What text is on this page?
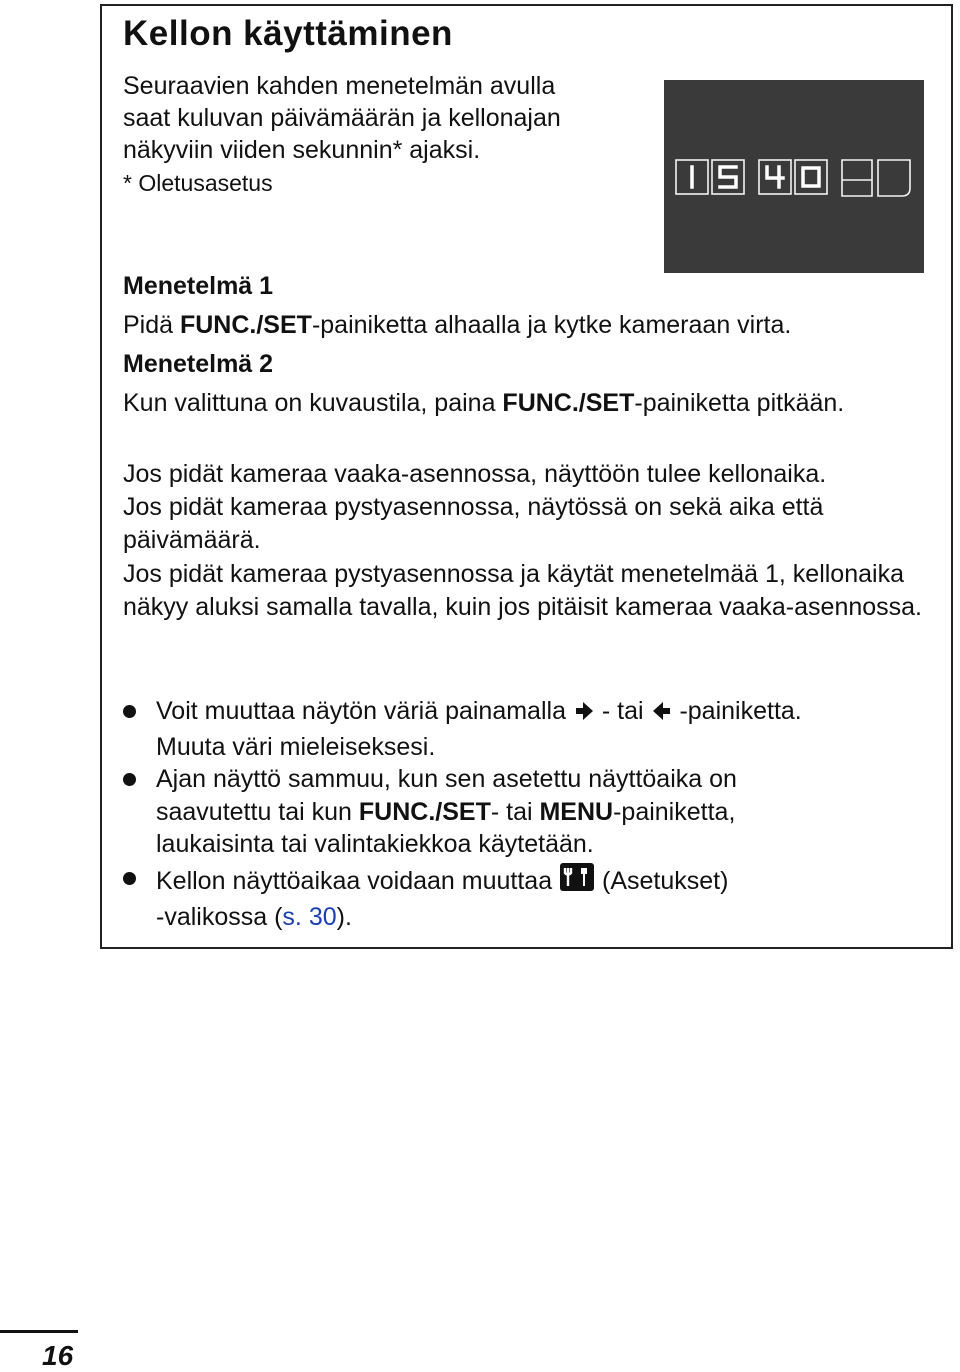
Kellon käyttäminen
Seuraavien kahden menetelmän avulla
saat kuluvan päivämäärän ja kellonajan
näkyviin viiden sekunnin* ajaksi.
* Oletusasetus
Menetelmä 1
Pidä FUNC./SET-painiketta alhaalla ja kytke kameraan virta.
Menetelmä 2
Kun valittuna on kuvaustila, paina FUNC./SET-painiketta pitkään.
Jos pidät kameraa vaaka-asennossa, näyttöön tulee kellonaika.
Jos pidät kameraa pystyasennossa, näytössä on sekä aika että päivämäärä.
Jos pidät kameraa pystyasennossa ja käytät menetelmää 1, kellonaika näkyy aluksi samalla tavalla, kuin jos pitäisit kameraa vaaka-asennossa.
Voit muuttaa näytön väriä painamalla  - tai  -painiketta.
Muuta väri mieleiseksesi.
Ajan näyttö sammuu, kun sen asetettu näyttöaika on saavutettu tai kun FUNC./SET- tai MENU-painiketta, laukaisinta tai valintakiekkoa käytetään.
Kellon näyttöaikaa voidaan muuttaa  (Asetukset)
-valikossa (s. 30).
16
